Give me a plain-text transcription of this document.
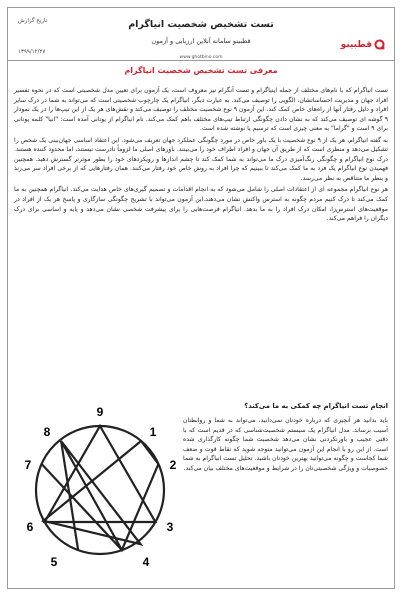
تاریخ گزارش
۱۳۹۹/۱۲/۲۷
تست تشخیص شخصیت انیاگرام
قطبینو سامانه آنلاین ارزیابی و آزمون
www.ghotbino.com
قطبینو
معرفی تست تشخیص شخصیت انیاگرام

تست انیاگرام که با نام‌های مختلف از جمله اینیاگرام و تست آنگرام نیز معروف است، یک آزمون برای تعیین مدل شخصیتی است که در نحوه تفسیر افراد جهان و مدیریت احساساتشان، الگویی را توصیف می‌کند. به عبارت دیگر، انیاگرام یک چارچوب شخصیتی است که می‌تواند به شما در درک سایر افراد و دلیل رفتار آنها از راه‌های خاص کمک کند. این آزمون ۹ نوع شخصیت مختلف را توصیف می‌کند و نقش‌های هر یک از این تیپ‌ها را در یک نمودار ۹ گوشه ای توصیف می‌کند که به نشان دادن چگونگی ارتباط تیپ‌های مختلف باهم کمک می‌کند. نام انیاگرام از یونانی آمده است: "انیا" کلمه یونانی برای ۹ است و "گراما" به معنی چیزی است که ترسیم یا نوشته شده است.

به گفته انیاگرام، هر یک از ۹ نوع شخصیت با یک باور خاص در مورد چگونگی عملکرد جهان تعریف می‌شود. این اعتقاد اساسی جهان‌بینی یک شخص را تشکیل می‌دهد و منظری است که از طریق آن جهان و افراد اطراف خود را می‌بینند. باورهای اصلی ما لزوماً نادرست نیستند، اما محدود کننده هستند. درک نوع انیاگرام و چگونگی رنگ‌آمیزی درک ما می‌تواند به شما کمک کند تا چشم اندازها و رویکردهای خود را بطور موثرتر گسترش دهید. همچنین فهمیدن نوع انیاگرام یک فرد به ما کمک می‌کند تا ببینیم که چرا افراد به روش خاص خود رفتار می‌کنند. همان رفتارهایی که از برخی افراد سر می‌زند و بنظر ما متناقض به نظر می‌رسد.

هر نوع انیاگرام مجموعه ای از اعتقادات اصلی را شامل می‌شود که به انجام اقدامات و تصمیم گیری‌های خاص هدایت می‌کند. انیاگرام همچنین به ما کمک می‌کند تا درک کنیم مردم چگونه به استرس واکنش نشان می‌دهند.این آزمون می‌تواند با تشریح چگونگی سازگاری و پاسخ هر یک از افراد در موقعیت‌های استرس‌زا، امکان درک افراد را به ما بدهد. انیاگرام فرصت‌هایی را برای پیشرفت شخصی نشان می‌دهد و پایه و اساسی برای درک دیگران را فراهم می‌کند.

انجام تست انیاگرام چه کمکی به ما می‌کند؟
باید بدانید هر آنچیزی که درباره خودتان نمی‌دانید، می‌تواند به شما و روابطتان آسیب برساند. مدل انیاگرام یک سیستم شخصیت‌شناسی که در قدیم است که با دقتی عجیب و باورنکردنی نشان می‌دهد شخصیت شما چگونه کارگذاری شده است. از این رو با انجام این آزمون می‌توانید متوجه شوید که نقاط قوت و ضعف شما کجاست و چگونه می‌توانید بهترین خودتان باشید. تحلیل تست انیاگرام به شما خصوصیات و ویژگی شخصیتی‌تان را در شرایط و موقعیت‌های مختلف بیان می‌کند.
9
1
2
3
4
5
6
7
8
